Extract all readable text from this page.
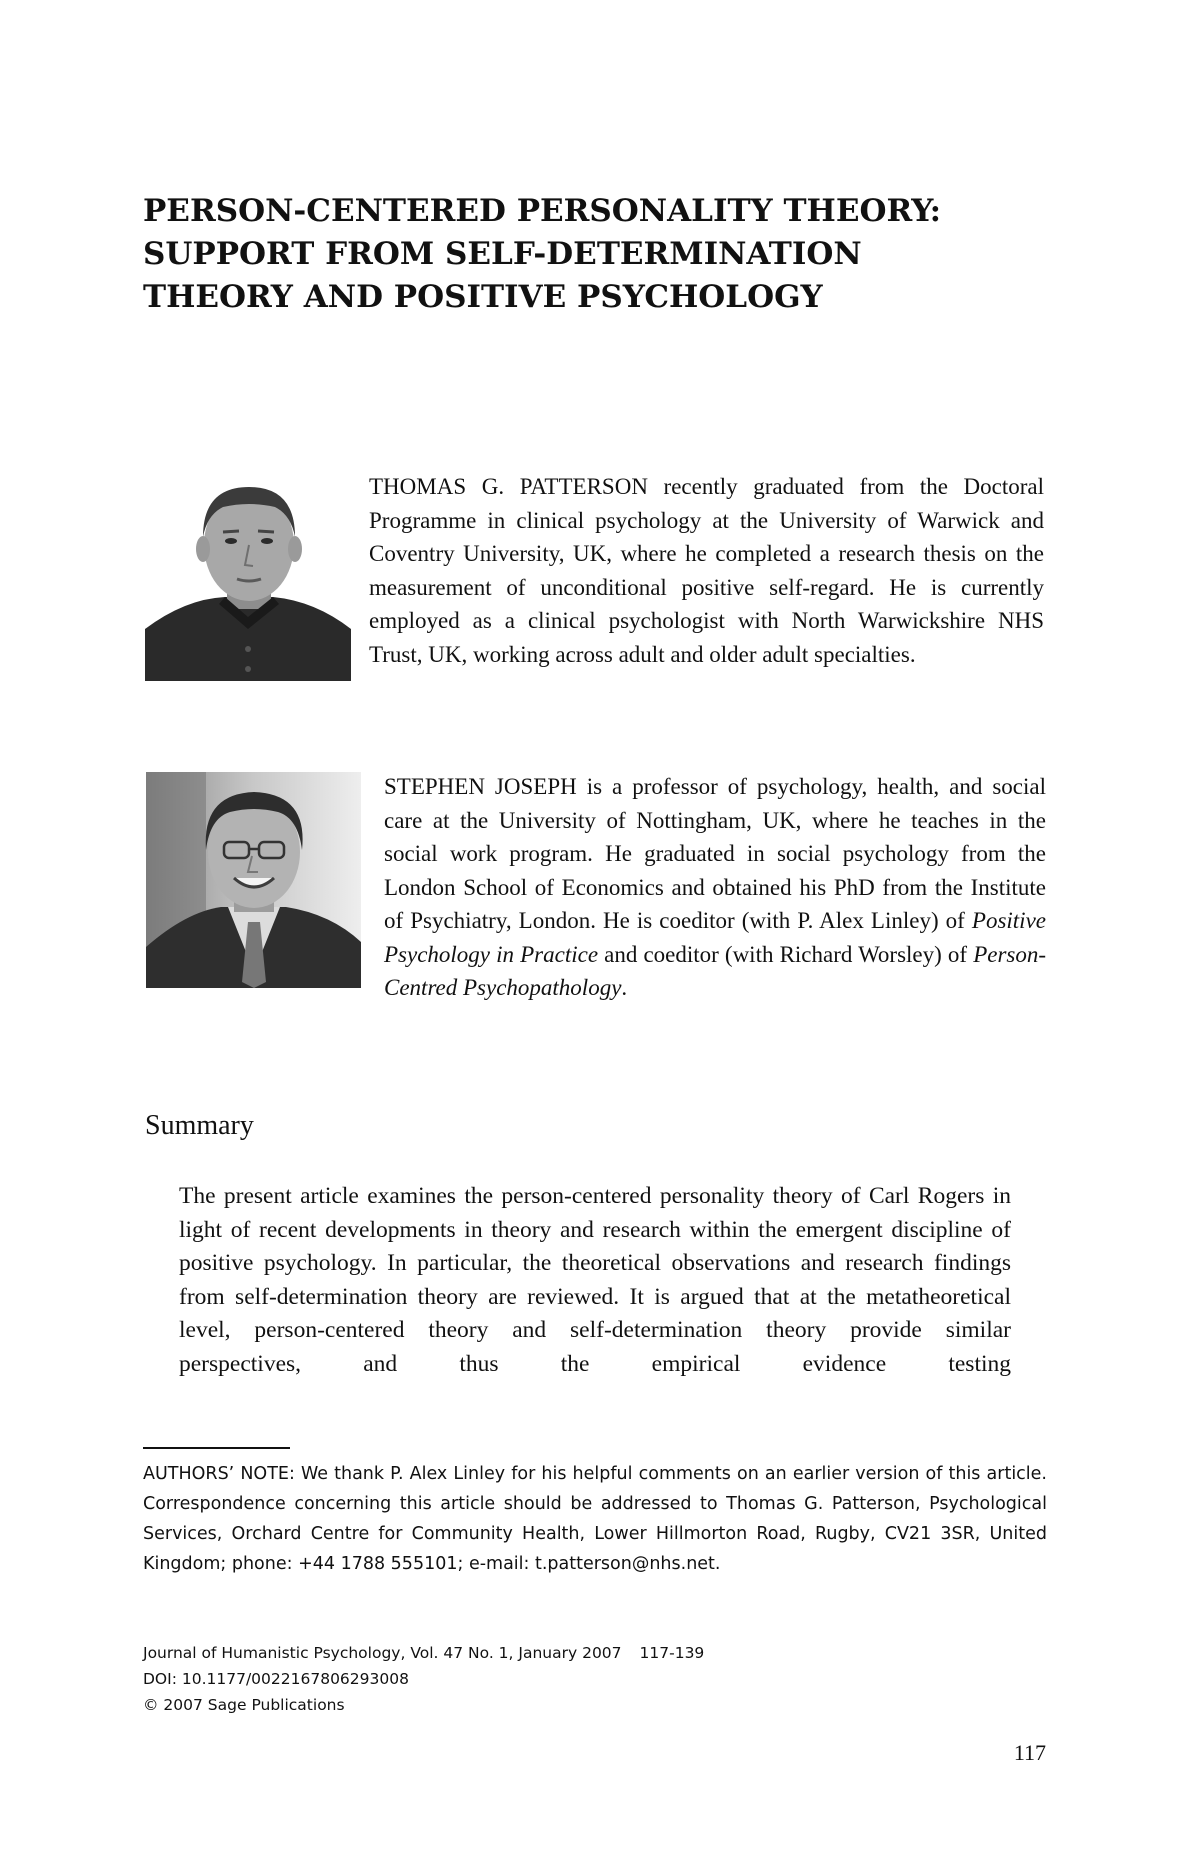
PERSON-CENTERED PERSONALITY THEORY:
SUPPORT FROM SELF-DETERMINATION
THEORY AND POSITIVE PSYCHOLOGY

THOMAS G. PATTERSON recently graduated from the Doctoral Programme in clinical psychology at the University of Warwick and Coventry University, UK, where he completed a research thesis on the measurement of unconditional positive self-regard. He is currently employed as a clinical psychologist with North Warwickshire NHS Trust, UK, working across adult and older adult specialties.

STEPHEN JOSEPH is a professor of psychology, health, and social care at the University of Nottingham, UK, where he teaches in the social work program. He graduated in social psychology from the London School of Economics and obtained his PhD from the Institute of Psychiatry, London. He is coeditor (with P. Alex Linley) of Positive Psychology in Practice and coeditor (with Richard Worsley) of Person-Centred Psychopathology.

Summary

The present article examines the person-centered personality theory of Carl Rogers in light of recent developments in theory and research within the emergent discipline of positive psychology. In particular, the theoretical observations and research findings from self-determination theory are reviewed. It is argued that at the metatheoretical level, person-centered theory and self-determination theory provide similar perspectives, and thus the empirical evidence testing

AUTHORS’ NOTE: We thank P. Alex Linley for his helpful comments on an earlier version of this article. Correspondence concerning this article should be addressed to Thomas G. Patterson, Psychological Services, Orchard Centre for Community Health, Lower Hillmorton Road, Rugby, CV21 3SR, United Kingdom; phone: +44 1788 555101; e-mail: t.patterson@nhs.net.

Journal of Humanistic Psychology, Vol. 47 No. 1, January 2007 117-139
DOI: 10.1177/0022167806293008
© 2007 Sage Publications

117
